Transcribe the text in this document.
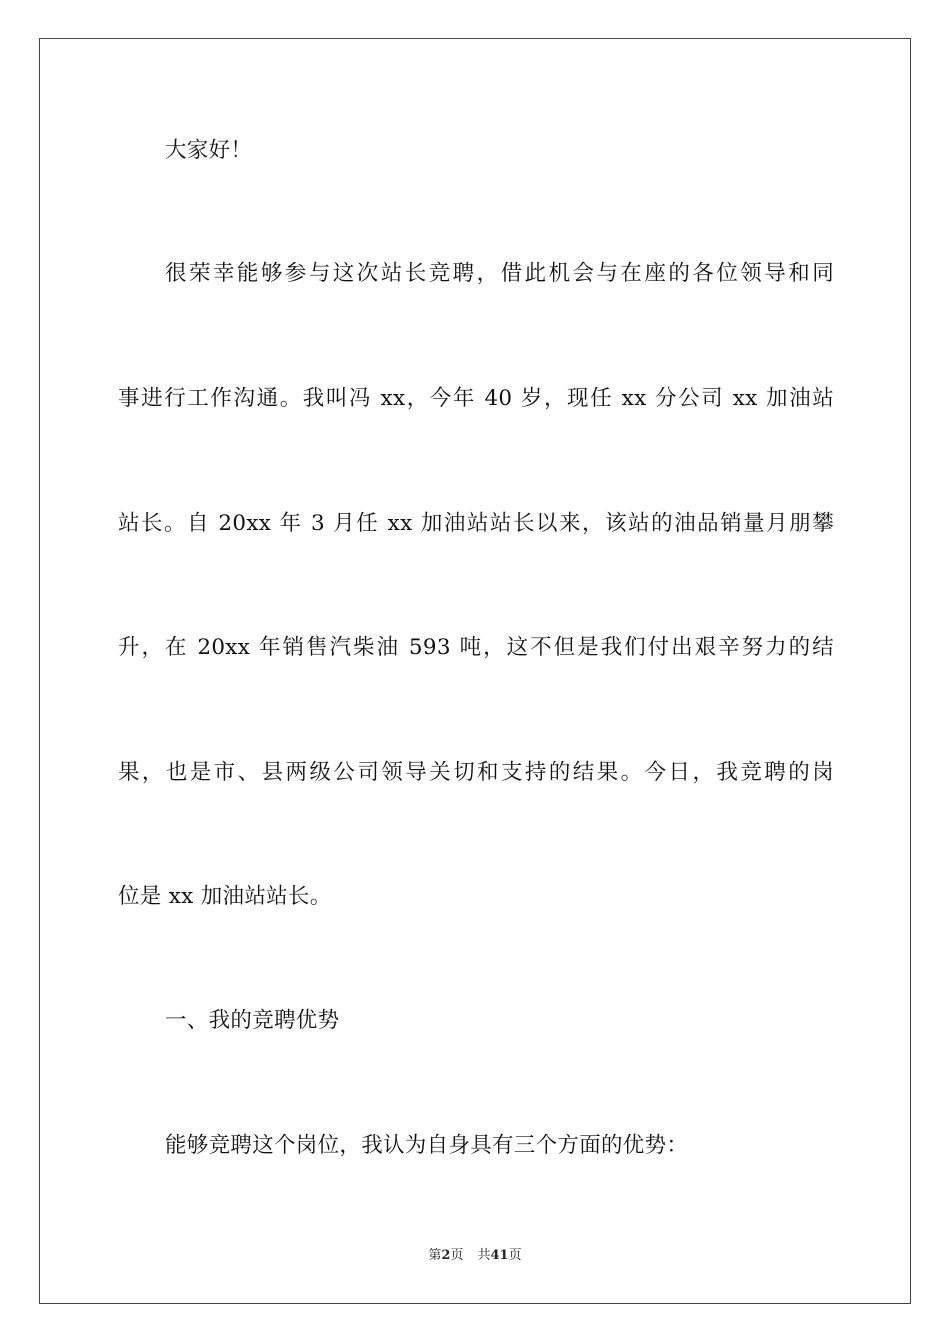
大家好！
很荣幸能够参与这次站长竞聘，借此机会与在座的各位领导和同
事进行工作沟通。我叫冯 xx，今年 40 岁，现任 xx 分公司 xx 加油站
站长。自 20xx 年 3 月任 xx 加油站站长以来，该站的油品销量月朋攀
升，在 20xx 年销售汽柴油 593 吨，这不但是我们付出艰辛努力的结
果，也是市、县两级公司领导关切和支持的结果。今日，我竞聘的岗
位是 xx 加油站站长。
一、我的竞聘优势
能够竞聘这个岗位，我认为自身具有三个方面的优势：
第2页 共41页
